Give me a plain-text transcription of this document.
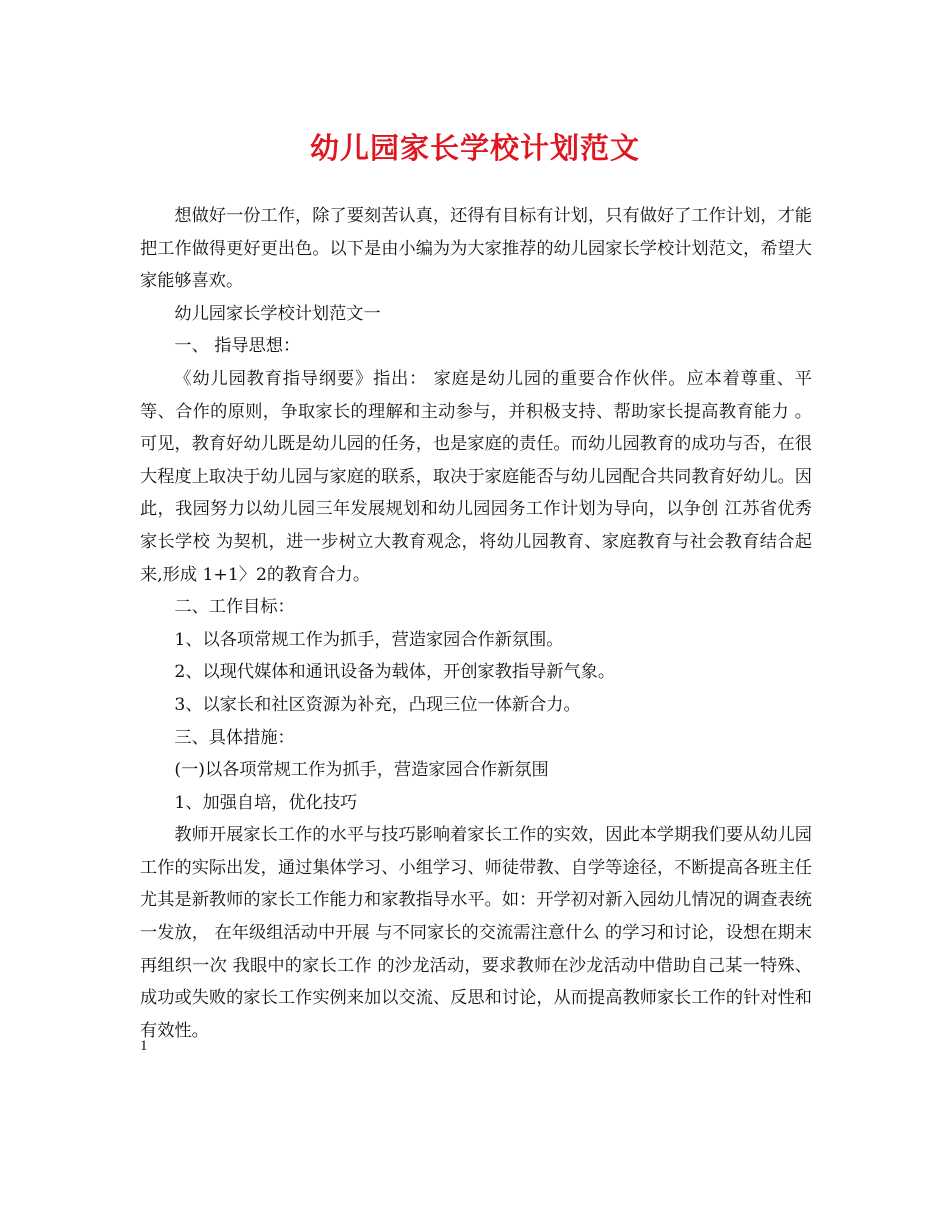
幼儿园家长学校计划范文

想做好一份工作，除了要刻苦认真，还得有目标有计划，只有做好了工作计划，才能把工作做得更好更出色。以下是由小编为为大家推荐的幼儿园家长学校计划范文，希望大家能够喜欢。

幼儿园家长学校计划范文一

一、 指导思想：

《幼儿园教育指导纲要》指出： 家庭是幼儿园的重要合作伙伴。应本着尊重、平等、合作的原则，争取家长的理解和主动参与，并积极支持、帮助家长提高教育能力 。可见，教育好幼儿既是幼儿园的任务，也是家庭的责任。而幼儿园教育的成功与否，在很大程度上取决于幼儿园与家庭的联系，取决于家庭能否与幼儿园配合共同教育好幼儿。因此，我园努力以幼儿园三年发展规划和幼儿园园务工作计划为导向，以争创 江苏省优秀家长学校 为契机，进一步树立大教育观念，将幼儿园教育、家庭教育与社会教育结合起来,形成 1+1〉2的教育合力。

二、工作目标：

1、以各项常规工作为抓手，营造家园合作新氛围。

2、以现代媒体和通讯设备为载体，开创家教指导新气象。

3、以家长和社区资源为补充，凸现三位一体新合力。

三、具体措施：

(一)以各项常规工作为抓手，营造家园合作新氛围

1、加强自培，优化技巧

教师开展家长工作的水平与技巧影响着家长工作的实效，因此本学期我们要从幼儿园工作的实际出发，通过集体学习、小组学习、师徒带教、自学等途径，不断提高各班主任尤其是新教师的家长工作能力和家教指导水平。如：开学初对新入园幼儿情况的调查表统一发放， 在年级组活动中开展 与不同家长的交流需注意什么 的学习和讨论，设想在期末再组织一次 我眼中的家长工作 的沙龙活动，要求教师在沙龙活动中借助自己某一特殊、成功或失败的家长工作实例来加以交流、反思和讨论，从而提高教师家长工作的针对性和有效性。

1
